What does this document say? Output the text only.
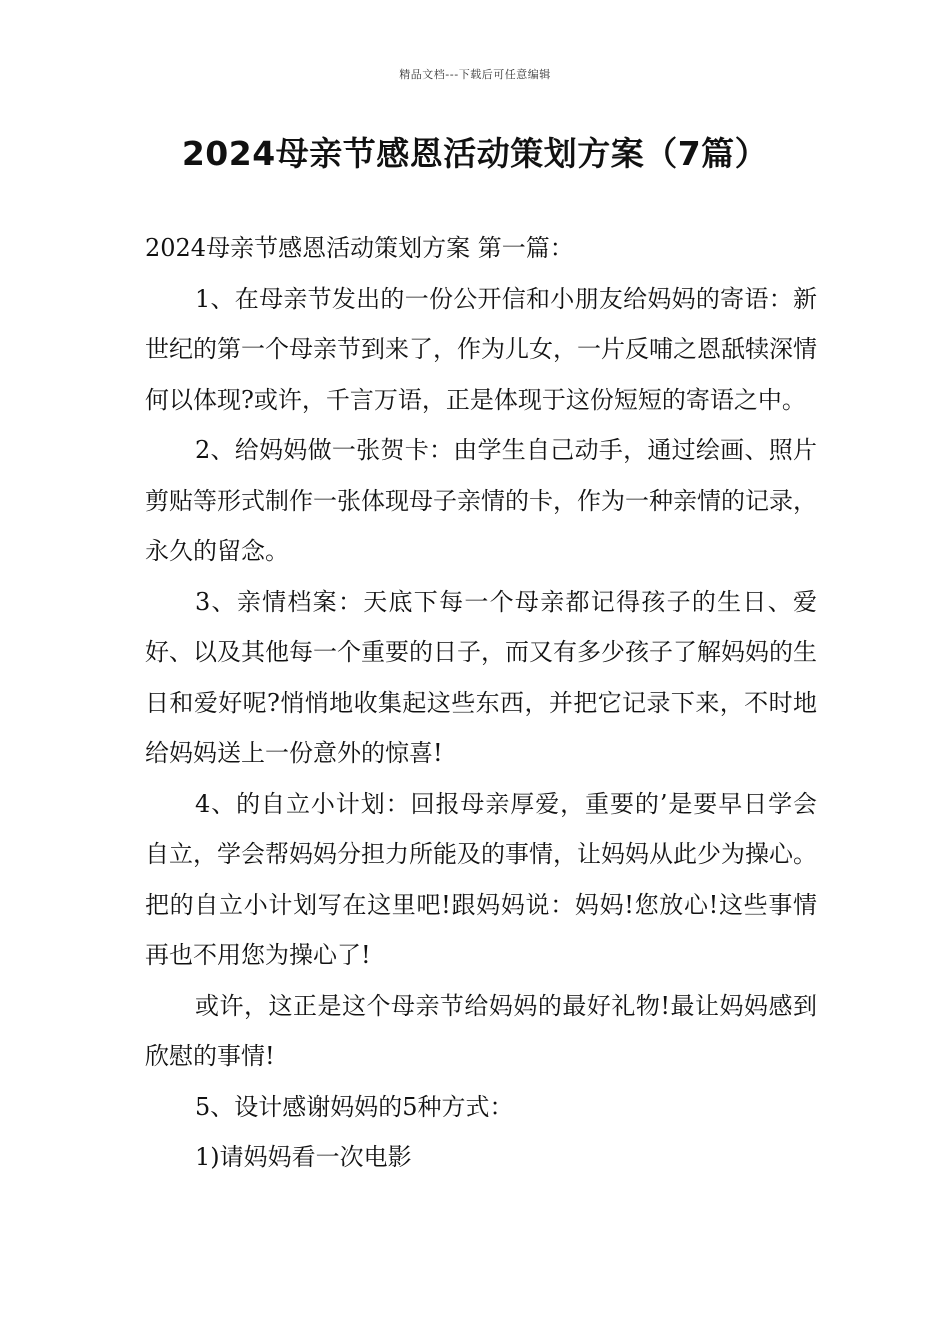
精品文档---下载后可任意编辑
2024母亲节感恩活动策划方案（7篇）

2024母亲节感恩活动策划方案 第一篇：

1、在母亲节发出的一份公开信和小朋友给妈妈的寄语：新世纪的第一个母亲节到来了，作为儿女，一片反哺之恩舐犊深情何以体现?或许，千言万语，正是体现于这份短短的寄语之中。

2、给妈妈做一张贺卡：由学生自己动手，通过绘画、照片剪贴等形式制作一张体现母子亲情的卡，作为一种亲情的记录，永久的留念。

3、亲情档案：天底下每一个母亲都记得孩子的生日、爱好、以及其他每一个重要的日子，而又有多少孩子了解妈妈的生日和爱好呢?悄悄地收集起这些东西，并把它记录下来，不时地给妈妈送上一份意外的惊喜!

4、的自立小计划：回报母亲厚爱，重要的’是要早日学会自立，学会帮妈妈分担力所能及的事情，让妈妈从此少为操心。把的自立小计划写在这里吧!跟妈妈说：妈妈!您放心!这些事情再也不用您为操心了!

或许，这正是这个母亲节给妈妈的最好礼物!最让妈妈感到欣慰的事情!

5、设计感谢妈妈的5种方式：

1)请妈妈看一次电影
